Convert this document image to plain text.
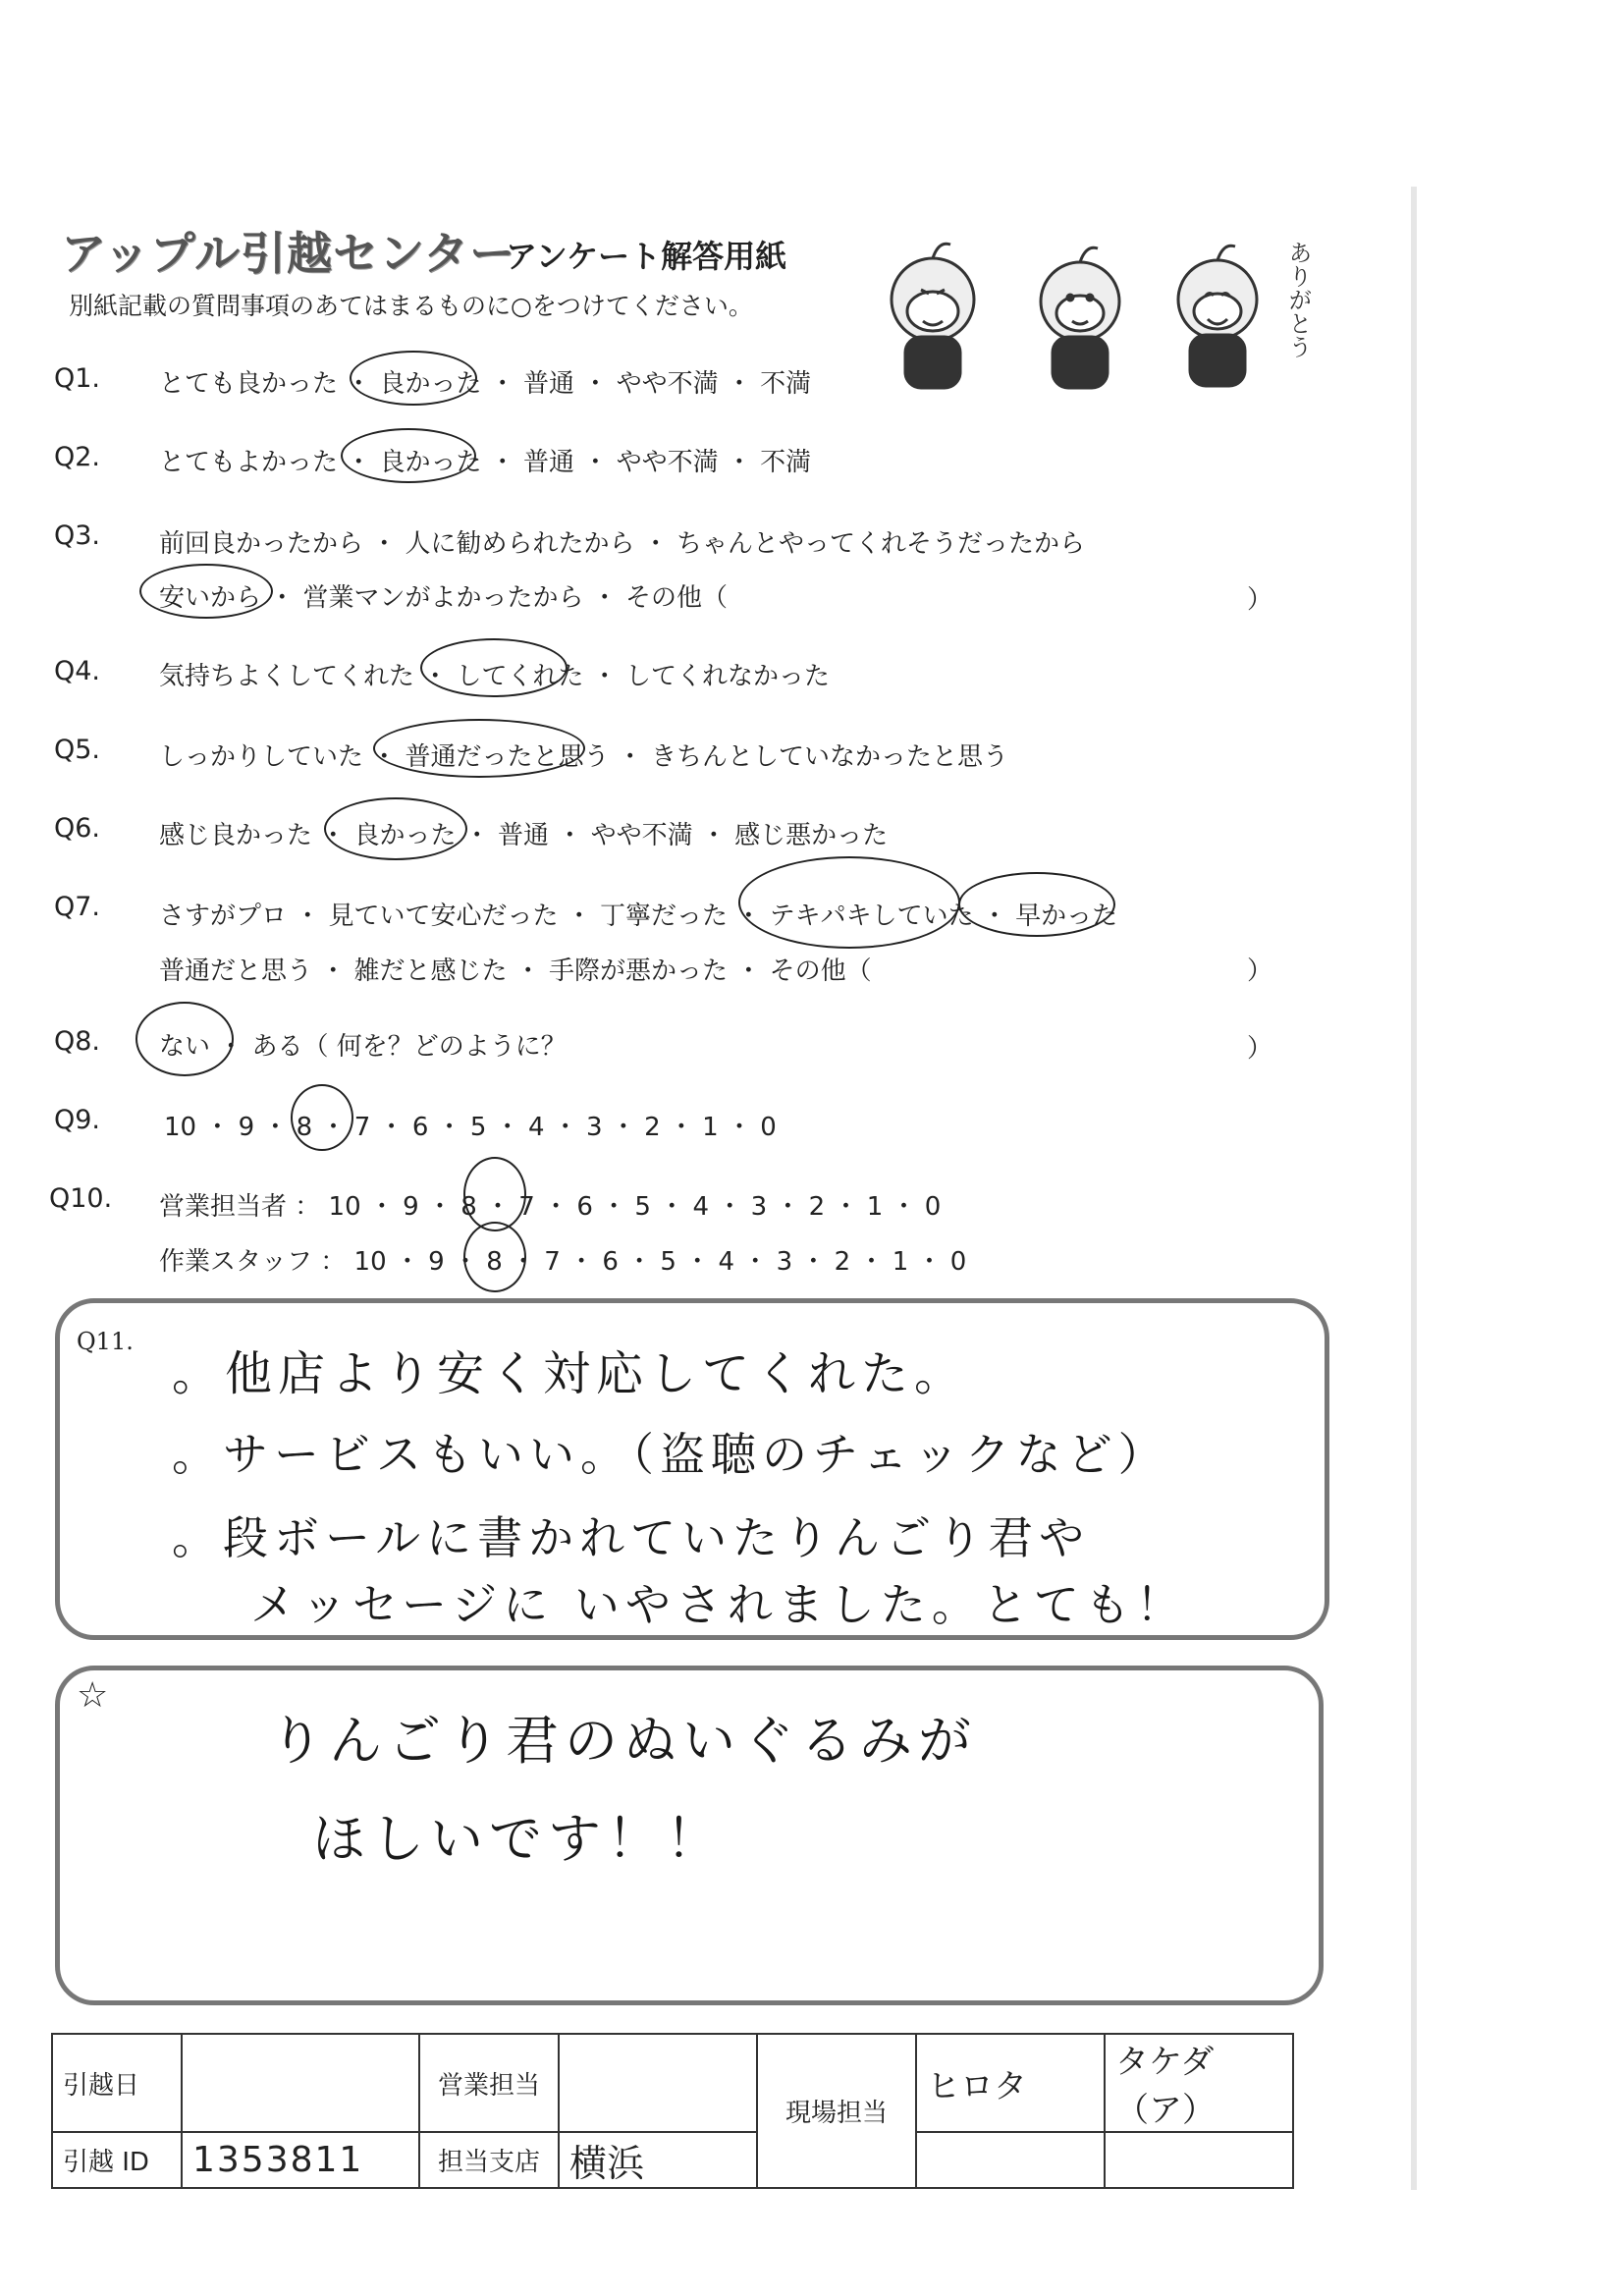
アップル引越センター
アンケート解答用紙
別紙記載の質問事項のあてはまるものに○をつけてください。	ありがとう
Q1. とても良かった ・ 良かった ・ 普通 ・ やや不満 ・ 不満
Q2. とてもよかった ・ 良かった ・ 普通 ・ やや不満 ・ 不満
Q3. 前回良かったから ・ 人に勧められたから ・ ちゃんとやってくれそうだったから
安いから ・ 営業マンがよかったから ・ その他（	）
Q4. 気持ちよくしてくれた ・ してくれた ・ してくれなかった
Q5. しっかりしていた ・ 普通だったと思う ・ きちんとしていなかったと思う
Q6. 感じ良かった ・ 良かった ・ 普通 ・ やや不満 ・ 感じ悪かった
Q7. さすがプロ ・ 見ていて安心だった ・ 丁寧だった ・ テキパキしていた ・ 早かった
普通だと思う ・ 雑だと感じた ・ 手際が悪かった ・ その他（	）
Q8. ない ・ ある（ 何を？どのように？	）
Q9. 10 ・ 9 ・ 8 ・ 7 ・ 6 ・ 5 ・ 4 ・ 3 ・ 2 ・ 1 ・ 0
Q10. 営業担当者 ： 10 ・ 9 ・ 8 ・ 7 ・ 6 ・ 5 ・ 4 ・ 3 ・ 2 ・ 1 ・ 0
作業スタッフ ： 10 ・ 9 ・ 8 ・ 7 ・ 6 ・ 5 ・ 4 ・ 3 ・ 2 ・ 1 ・ 0
Q11.
。他店より安く対応してくれた。
。サービスもいい。（盗聴のチェックなど）
。段ボールに書かれていたりんごり君や
メッセージに いやされました。とても！
☆
りんごり君のぬいぐるみが
ほしいです！！
引越日		営業担当		現場担当	ヒロタ	タケダ（ア）
引越 ID	1353811	担当支店	横浜			
